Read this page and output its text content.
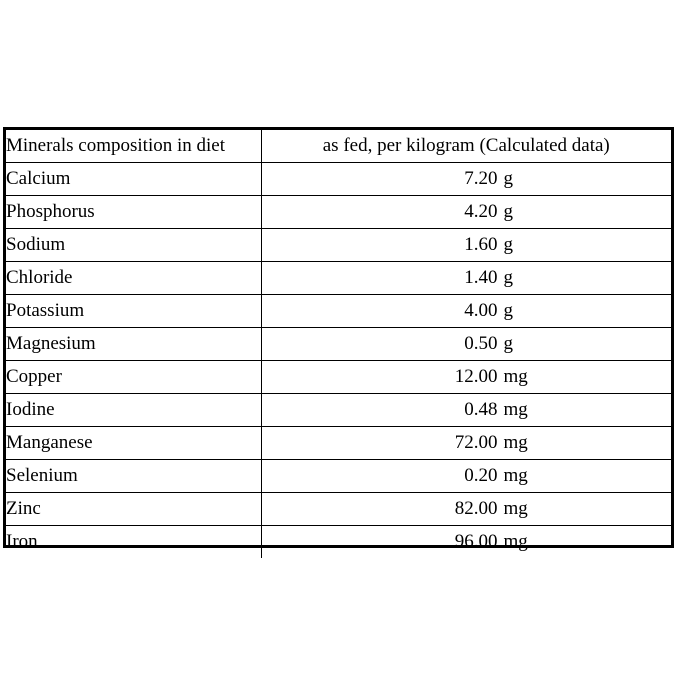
Minerals composition in diet	as fed, per kilogram (Calculated data)
Calcium	7.20 g
Phosphorus	4.20 g
Sodium	1.60 g
Chloride	1.40 g
Potassium	4.00 g
Magnesium	0.50 g
Copper	12.00 mg
Iodine	0.48 mg
Manganese	72.00 mg
Selenium	0.20 mg
Zinc	82.00 mg
Iron	96.00 mg
